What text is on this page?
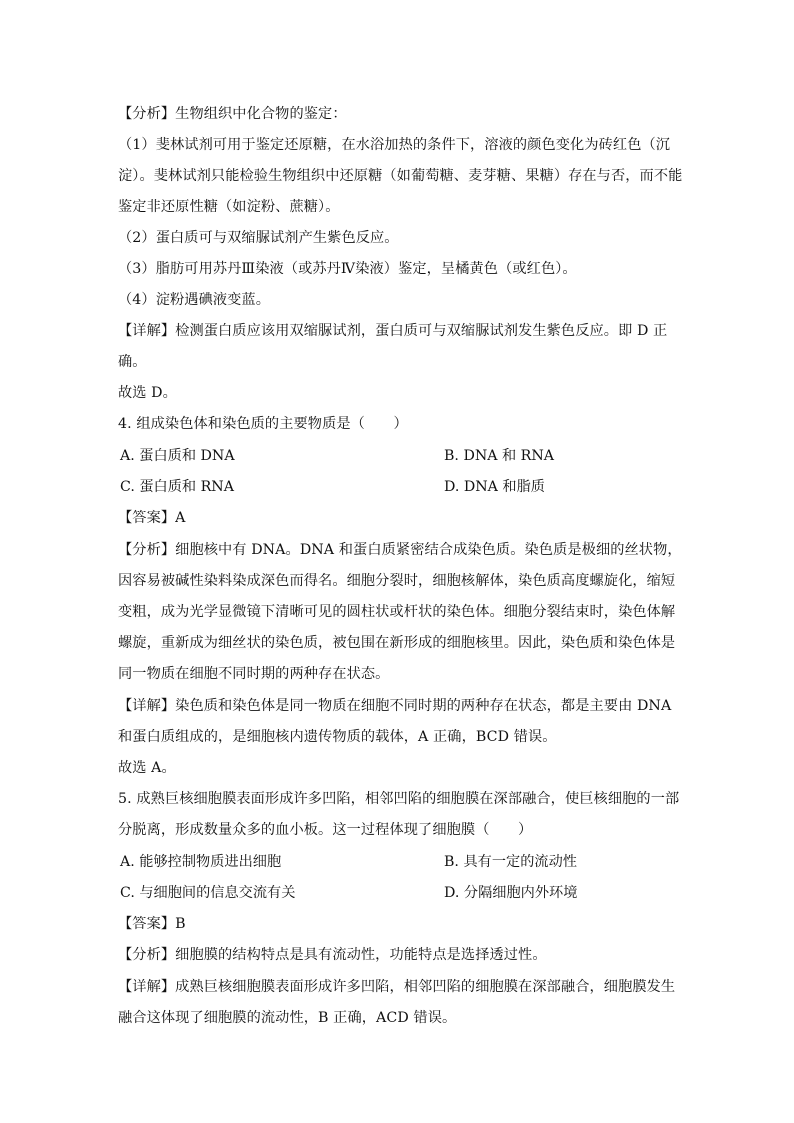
【分析】生物组织中化合物的鉴定：
（1）斐林试剂可用于鉴定还原糖，在水浴加热的条件下，溶液的颜色变化为砖红色（沉
淀）。斐林试剂只能检验生物组织中还原糖（如葡萄糖、麦芽糖、果糖）存在与否，而不能
鉴定非还原性糖（如淀粉、蔗糖）。
（2）蛋白质可与双缩脲试剂产生紫色反应。
（3）脂肪可用苏丹Ⅲ染液（或苏丹Ⅳ染液）鉴定，呈橘黄色（或红色）。
（4）淀粉遇碘液变蓝。
【详解】检测蛋白质应该用双缩脲试剂，蛋白质可与双缩脲试剂发生紫色反应。即 D 正
确。
故选 D。
4. 组成染色体和染色质的主要物质是（　　）
A. 蛋白质和 DNA	B. DNA 和 RNA
C. 蛋白质和 RNA	D. DNA 和脂质
【答案】A
【分析】细胞核中有 DNA。DNA 和蛋白质紧密结合成染色质。染色质是极细的丝状物，
因容易被碱性染料染成深色而得名。细胞分裂时，细胞核解体，染色质高度螺旋化，缩短
变粗，成为光学显微镜下清晰可见的圆柱状或杆状的染色体。细胞分裂结束时，染色体解
螺旋，重新成为细丝状的染色质，被包围在新形成的细胞核里。因此，染色质和染色体是
同一物质在细胞不同时期的两种存在状态。
【详解】染色质和染色体是同一物质在细胞不同时期的两种存在状态，都是主要由 DNA
和蛋白质组成的，是细胞核内遗传物质的载体，A 正确，BCD 错误。
故选 A。
5. 成熟巨核细胞膜表面形成许多凹陷，相邻凹陷的细胞膜在深部融合，使巨核细胞的一部
分脱离，形成数量众多的血小板。这一过程体现了细胞膜（　　）
A. 能够控制物质进出细胞	B. 具有一定的流动性
C. 与细胞间的信息交流有关	D. 分隔细胞内外环境
【答案】B
【分析】细胞膜的结构特点是具有流动性，功能特点是选择透过性。
【详解】成熟巨核细胞膜表面形成许多凹陷，相邻凹陷的细胞膜在深部融合，细胞膜发生
融合这体现了细胞膜的流动性，B 正确，ACD 错误。
